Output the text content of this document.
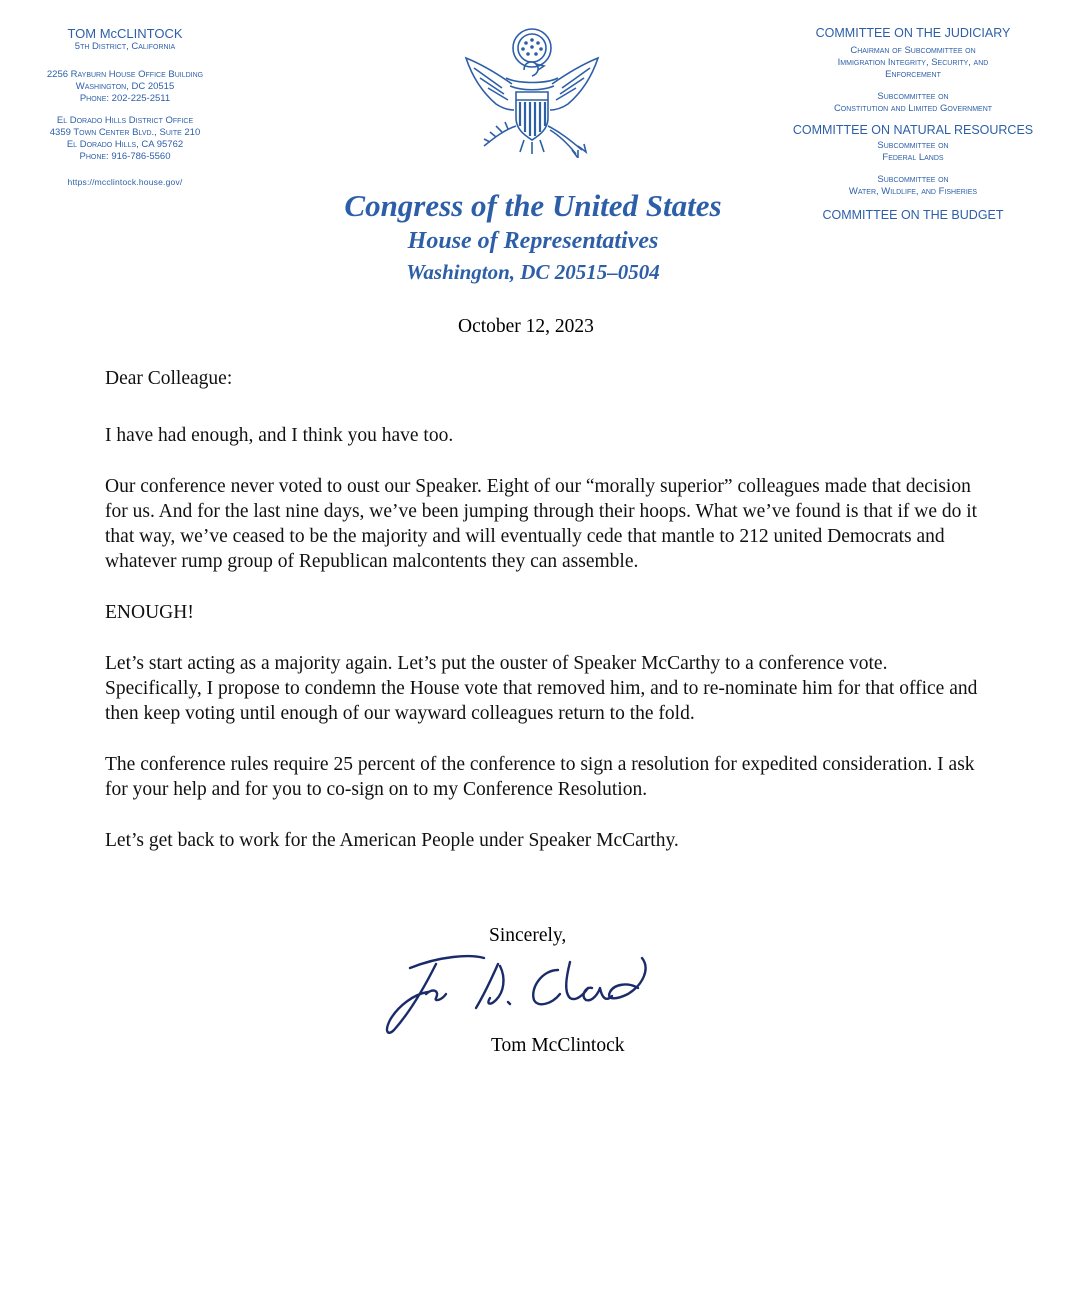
TOM McCLINTOCK
5th District, California
2256 Rayburn House Office Building
Washington, DC 20515
Phone: 202-225-2511
El Dorado Hills District Office
4359 Town Center Blvd., Suite 210
El Dorado Hills, CA 95762
Phone: 916-786-5560
https://mcclintock.house.gov/
Congress of the United States
House of Representatives
Washington, DC 20515–0504
COMMITTEE ON THE JUDICIARY
Chairman of Subcommittee on
Immigration Integrity, Security, and
Enforcement
Subcommittee on
Constitution and Limited Government
COMMITTEE ON NATURAL RESOURCES
Subcommittee on
Federal Lands
Subcommittee on
Water, Wildlife, and Fisheries
COMMITTEE ON THE BUDGET
October 12, 2023

Dear Colleague:

I have had enough, and I think you have too.

Our conference never voted to oust our Speaker. Eight of our “morally superior” colleagues made that decision for us. And for the last nine days, we’ve been jumping through their hoops. What we’ve found is that if we do it that way, we’ve ceased to be the majority and will eventually cede that mantle to 212 united Democrats and whatever rump group of Republican malcontents they can assemble.

ENOUGH!

Let’s start acting as a majority again. Let’s put the ouster of Speaker McCarthy to a conference vote. Specifically, I propose to condemn the House vote that removed him, and to re-nominate him for that office and then keep voting until enough of our wayward colleagues return to the fold.

The conference rules require 25 percent of the conference to sign a resolution for expedited consideration. I ask for your help and for you to co-sign on to my Conference Resolution.

Let’s get back to work for the American People under Speaker McCarthy.

Sincerely,
Tom McClintock
